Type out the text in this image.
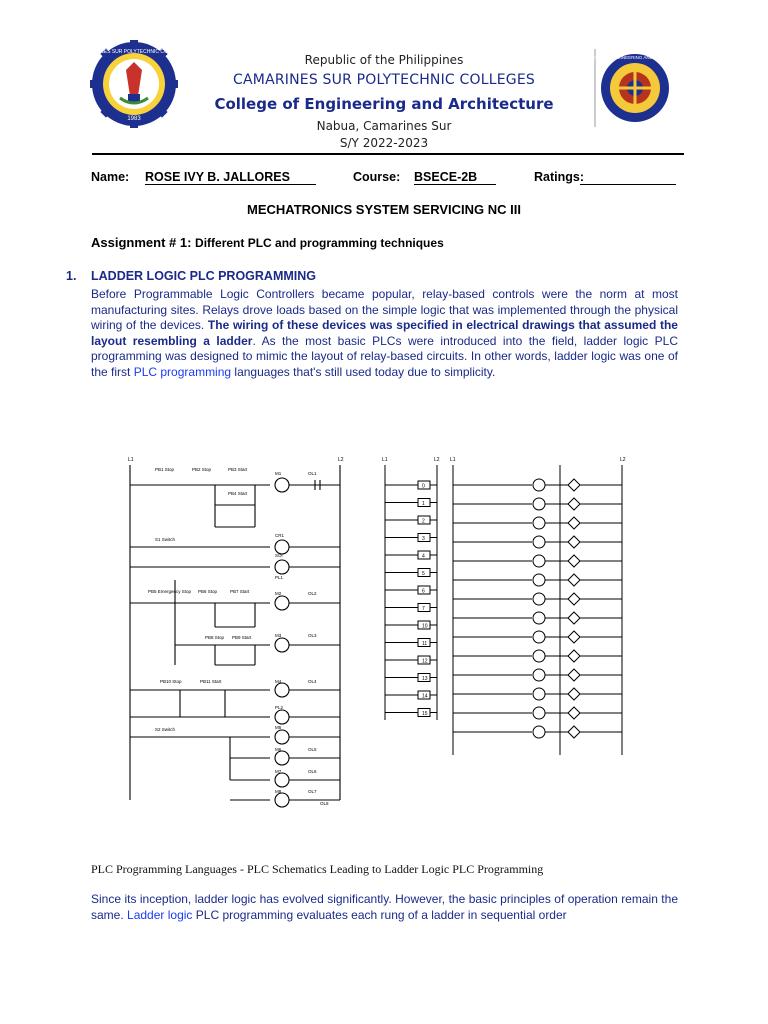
CAMARINES SUR POLYTECHNIC COLLEGES
1983
COLLEGE OF ENGINEERING AND ARCHITECTURE
Republic of the Philippines
CAMARINES SUR POLYTECHNIC COLLEGES
College of Engineering and Architecture
Nabua, Camarines Sur
S/Y 2022-2023
Name: ROSE IVY B. JALLORES	Course: BSECE-2B	Ratings:
MECHATRONICS SYSTEM SERVICING NC III
Assignment # 1: Different PLC and programming techniques
1. LADDER LOGIC PLC PROGRAMMING
Before Programmable Logic Controllers became popular, relay-based controls were the norm at most manufacturing sites. Relays drove loads based on the simple logic that was implemented through the physical wiring of the devices. The wiring of these devices was specified in electrical drawings that assumed the layout resembling a ladder. As the most basic PLCs were introduced into the field, ladder logic PLC programming was designed to mimic the layout of relay-based circuits. In other words, ladder logic was one of the first PLC programming languages that's still used today due to simplicity.
L1	L2
PB1 Stop	PB2 Stop	PB3 Start
PB4 Start
M1
CR1
S1 Switch
SOl
PL1
PB5 Emergency Stop PB6 Stop	PB7 Start
PB8 Stop PB9 Start
M2
M3
PB10 Stop	PB11 Start	M4
S2 Switch
PL2
M5
M6
M7
M8
OL1
OL2
OL3
OL4
OL5
OL6
OL7
OL8
L1	L2 L1	L2
0
1
2
3
4
5
6
7
10
11
12
13
14
15
PLC Programming Languages - PLC Schematics Leading to Ladder Logic PLC Programming
Since its inception, ladder logic has evolved significantly. However, the basic principles of operation remain the same. Ladder logic PLC programming evaluates each rung of a ladder in sequential order
